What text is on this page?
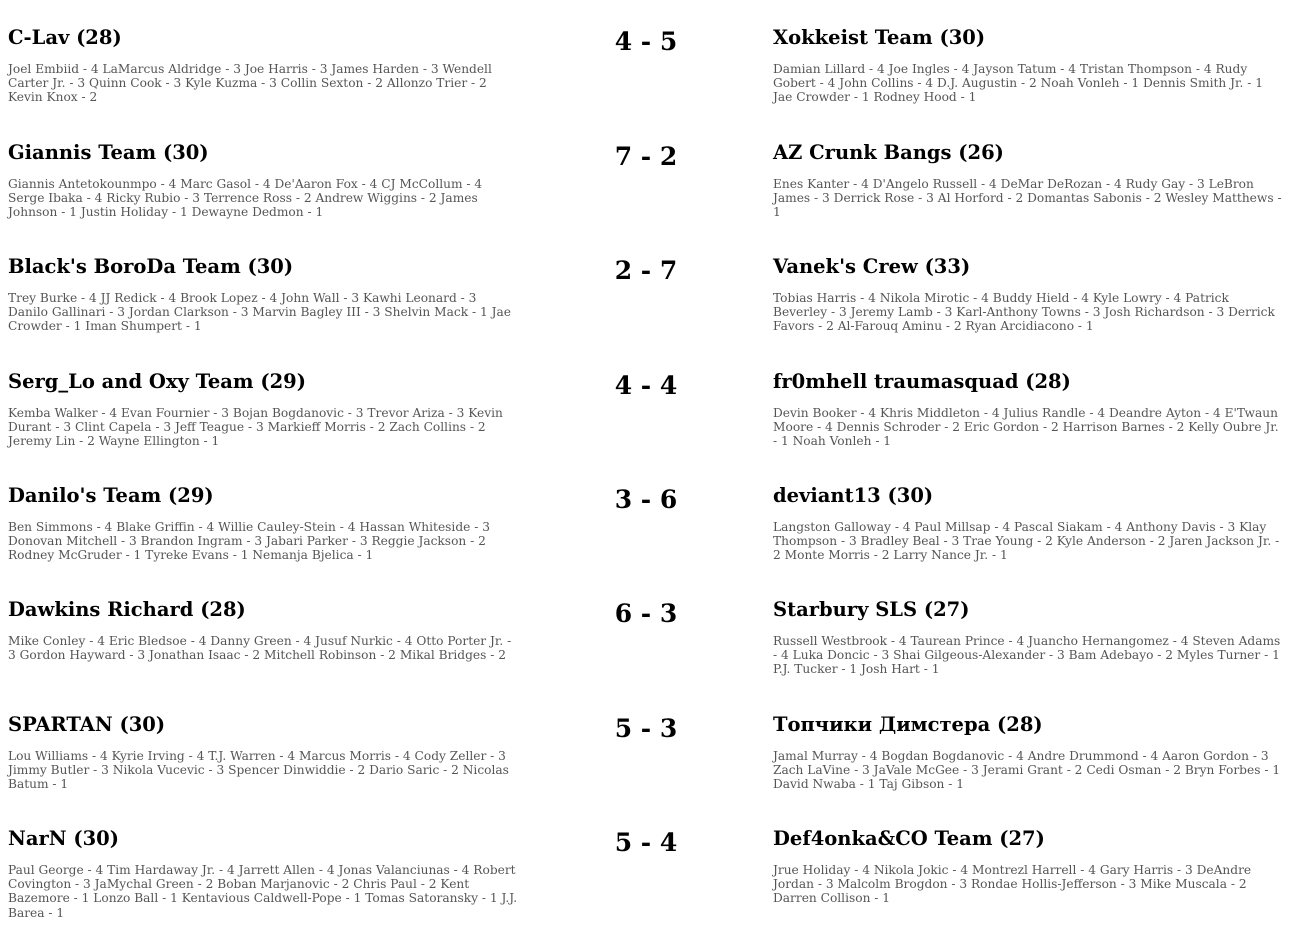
C-Lav (28)
Joel Embiid - 4 LaMarcus Aldridge - 3 Joe Harris - 3 James Harden - 3 Wendell Carter Jr. - 3 Quinn Cook - 3 Kyle Kuzma - 3 Collin Sexton - 2 Allonzo Trier - 2 Kevin Knox - 2
4 - 5	Xokkeist Team (30)
Damian Lillard - 4 Joe Ingles - 4 Jayson Tatum - 4 Tristan Thompson - 4 Rudy Gobert - 4 John Collins - 4 D.J. Augustin - 2 Noah Vonleh - 1 Dennis Smith Jr. - 1 Jae Crowder - 1 Rodney Hood - 1
Giannis Team (30)
Giannis Antetokounmpo - 4 Marc Gasol - 4 De'Aaron Fox - 4 CJ McCollum - 4 Serge Ibaka - 4 Ricky Rubio - 3 Terrence Ross - 2 Andrew Wiggins - 2 James Johnson - 1 Justin Holiday - 1 Dewayne Dedmon - 1
7 - 2	AZ Crunk Bangs (26)
Enes Kanter - 4 D'Angelo Russell - 4 DeMar DeRozan - 4 Rudy Gay - 3 LeBron James - 3 Derrick Rose - 3 Al Horford - 2 Domantas Sabonis - 2 Wesley Matthews - 1
Black's BoroDa Team (30)
Trey Burke - 4 JJ Redick - 4 Brook Lopez - 4 John Wall - 3 Kawhi Leonard - 3 Danilo Gallinari - 3 Jordan Clarkson - 3 Marvin Bagley III - 3 Shelvin Mack - 1 Jae Crowder - 1 Iman Shumpert - 1
2 - 7	Vanek's Crew (33)
Tobias Harris - 4 Nikola Mirotic - 4 Buddy Hield - 4 Kyle Lowry - 4 Patrick Beverley - 3 Jeremy Lamb - 3 Karl-Anthony Towns - 3 Josh Richardson - 3 Derrick Favors - 2 Al-Farouq Aminu - 2 Ryan Arcidiacono - 1
Serg_Lo and Oxy Team (29)
Kemba Walker - 4 Evan Fournier - 3 Bojan Bogdanovic - 3 Trevor Ariza - 3 Kevin Durant - 3 Clint Capela - 3 Jeff Teague - 3 Markieff Morris - 2 Zach Collins - 2 Jeremy Lin - 2 Wayne Ellington - 1
4 - 4	fr0mhell traumasquad (28)
Devin Booker - 4 Khris Middleton - 4 Julius Randle - 4 Deandre Ayton - 4 E'Twaun Moore - 4 Dennis Schroder - 2 Eric Gordon - 2 Harrison Barnes - 2 Kelly Oubre Jr. - 1 Noah Vonleh - 1
Danilo's Team (29)
Ben Simmons - 4 Blake Griffin - 4 Willie Cauley-Stein - 4 Hassan Whiteside - 3 Donovan Mitchell - 3 Brandon Ingram - 3 Jabari Parker - 3 Reggie Jackson - 2 Rodney McGruder - 1 Tyreke Evans - 1 Nemanja Bjelica - 1
3 - 6	deviant13 (30)
Langston Galloway - 4 Paul Millsap - 4 Pascal Siakam - 4 Anthony Davis - 3 Klay Thompson - 3 Bradley Beal - 3 Trae Young - 2 Kyle Anderson - 2 Jaren Jackson Jr. - 2 Monte Morris - 2 Larry Nance Jr. - 1
Dawkins Richard (28)
Mike Conley - 4 Eric Bledsoe - 4 Danny Green - 4 Jusuf Nurkic - 4 Otto Porter Jr. - 3 Gordon Hayward - 3 Jonathan Isaac - 2 Mitchell Robinson - 2 Mikal Bridges - 2
6 - 3	Starbury SLS (27)
Russell Westbrook - 4 Taurean Prince - 4 Juancho Hernangomez - 4 Steven Adams - 4 Luka Doncic - 3 Shai Gilgeous-Alexander - 3 Bam Adebayo - 2 Myles Turner - 1 P.J. Tucker - 1 Josh Hart - 1
SPARTAN (30)
Lou Williams - 4 Kyrie Irving - 4 T.J. Warren - 4 Marcus Morris - 4 Cody Zeller - 3 Jimmy Butler - 3 Nikola Vucevic - 3 Spencer Dinwiddie - 2 Dario Saric - 2 Nicolas Batum - 1
5 - 3	Топчики Димстера (28)
Jamal Murray - 4 Bogdan Bogdanovic - 4 Andre Drummond - 4 Aaron Gordon - 3 Zach LaVine - 3 JaVale McGee - 3 Jerami Grant - 2 Cedi Osman - 2 Bryn Forbes - 1 David Nwaba - 1 Taj Gibson - 1
NarN (30)
Paul George - 4 Tim Hardaway Jr. - 4 Jarrett Allen - 4 Jonas Valanciunas - 4 Robert Covington - 3 JaMychal Green - 2 Boban Marjanovic - 2 Chris Paul - 2 Kent Bazemore - 1 Lonzo Ball - 1 Kentavious Caldwell-Pope - 1 Tomas Satoransky - 1 J.J. Barea - 1
5 - 4	Def4onka&CO Team (27)
Jrue Holiday - 4 Nikola Jokic - 4 Montrezl Harrell - 4 Gary Harris - 3 DeAndre Jordan - 3 Malcolm Brogdon - 3 Rondae Hollis-Jefferson - 3 Mike Muscala - 2 Darren Collison - 1
